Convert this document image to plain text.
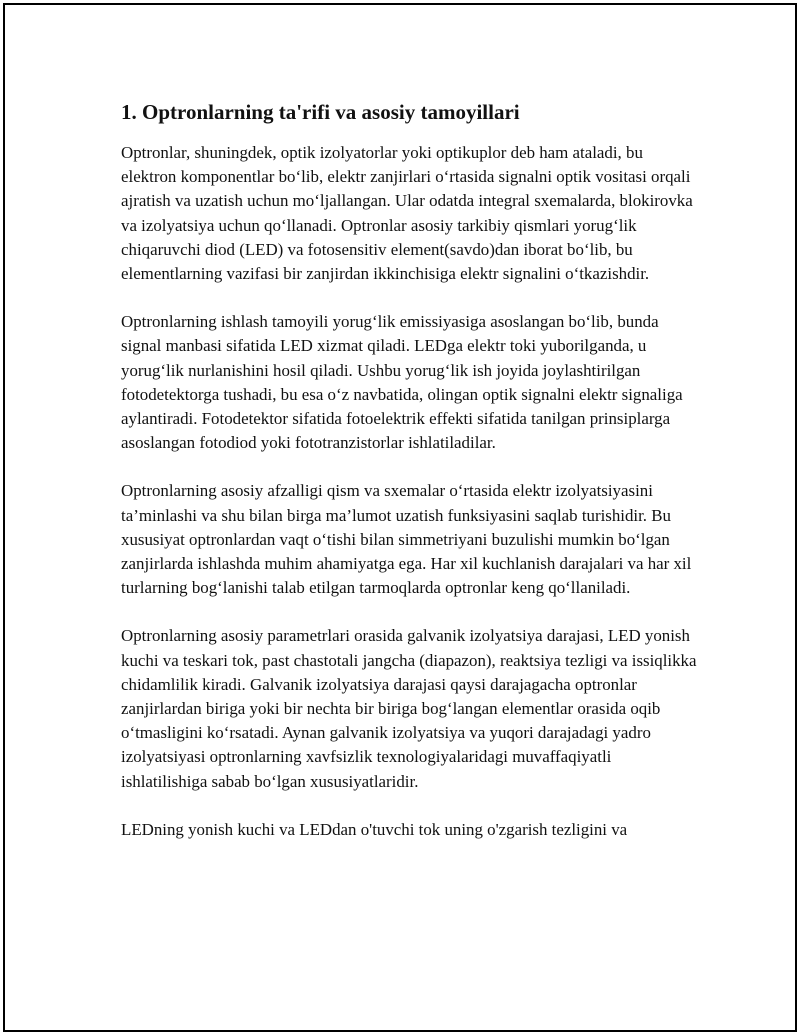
1. Optronlarning ta'rifi va asosiy tamoyillari

Optronlar, shuningdek, optik izolyatorlar yoki optikuplor deb ham ataladi, bu elektron komponentlar bo‘lib, elektr zanjirlari o‘rtasida signalni optik vositasi orqali ajratish va uzatish uchun mo‘ljallangan. Ular odatda integral sxemalarda, blokirovka va izolyatsiya uchun qo‘llanadi. Optronlar asosiy tarkibiy qismlari yorug‘lik chiqaruvchi diod (LED) va fotosensitiv element(savdo)dan iborat bo‘lib, bu elementlarning vazifasi bir zanjirdan ikkinchisiga elektr signalini o‘tkazishdir.

Optronlarning ishlash tamoyili yorug‘lik emissiyasiga asoslangan bo‘lib, bunda signal manbasi sifatida LED xizmat qiladi. LEDga elektr toki yuborilganda, u yorug‘lik nurlanishini hosil qiladi. Ushbu yorug‘lik ish joyida joylashtirilgan fotodetektorga tushadi, bu esa o‘z navbatida, olingan optik signalni elektr signaliga aylantiradi. Fotodetektor sifatida fotoelektrik effekti sifatida tanilgan prinsiplarga asoslangan fotodiod yoki fototranzistorlar ishlatiladilar.

Optronlarning asosiy afzalligi qism va sxemalar o‘rtasida elektr izolyatsiyasini ta’minlashi va shu bilan birga ma’lumot uzatish funksiyasini saqlab turishidir. Bu xususiyat optronlardan vaqt o‘tishi bilan simmetriyani buzulishi mumkin bo‘lgan zanjirlarda ishlashda muhim ahamiyatga ega. Har xil kuchlanish darajalari va har xil turlarning bog‘lanishi talab etilgan tarmoqlarda optronlar keng qo‘llaniladi.

Optronlarning asosiy parametrlari orasida galvanik izolyatsiya darajasi, LED yonish kuchi va teskari tok, past chastotali jangcha (diapazon), reaktsiya tezligi va issiqlikka chidamlilik kiradi. Galvanik izolyatsiya darajasi qaysi darajagacha optronlar zanjirlardan biriga yoki bir nechta bir biriga bog‘langan elementlar orasida oqib o‘tmasligini ko‘rsatadi. Aynan galvanik izolyatsiya va yuqori darajadagi yadro izolyatsiyasi optronlarning xavfsizlik texnologiyalaridagi muvaffaqiyatli ishlatilishiga sabab bo‘lgan xususiyatlaridir.

LEDning yonish kuchi va LEDdan o'tuvchi tok uning o'zgarish tezligini va
